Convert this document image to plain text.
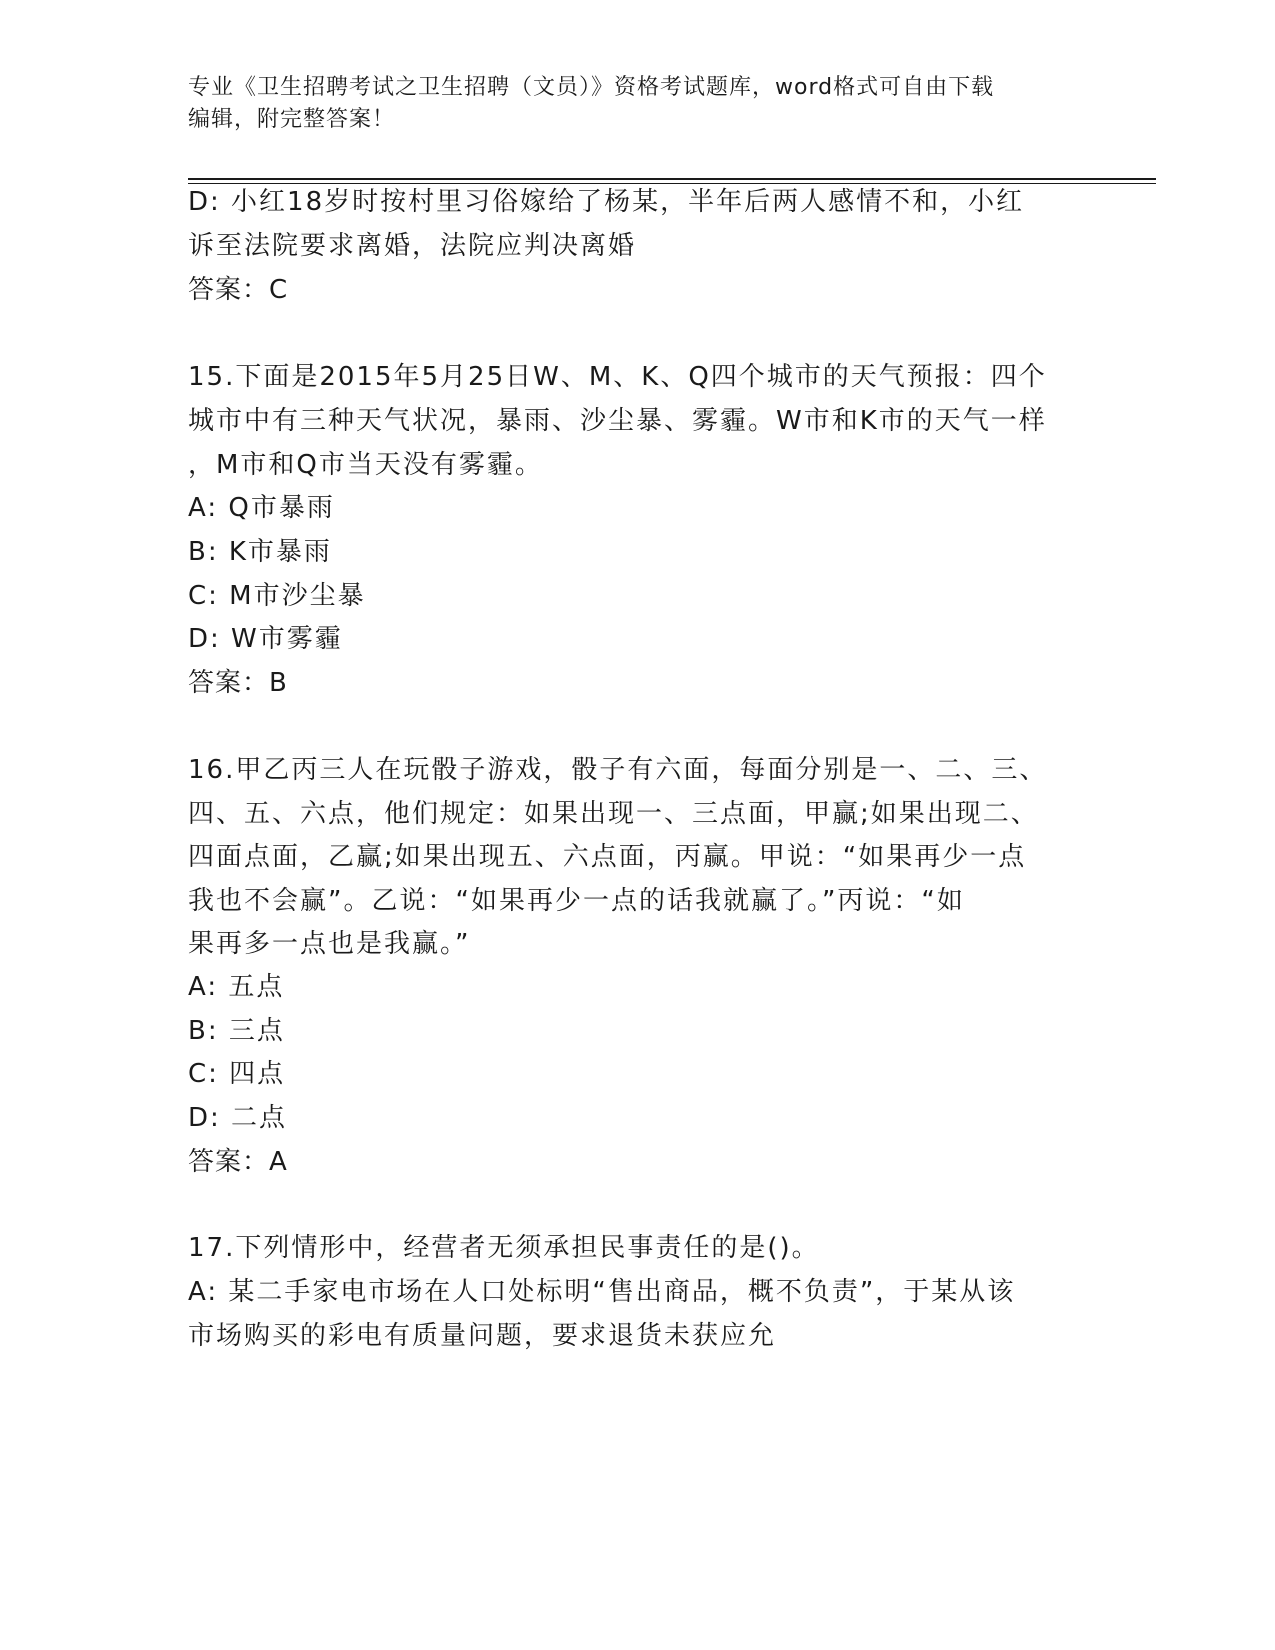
专业《卫生招聘考试之卫生招聘（文员）》资格考试题库，word格式可自由下载
编辑，附完整答案！
D: 小红18岁时按村里习俗嫁给了杨某，半年后两人感情不和，小红
诉至法院要求离婚，法院应判决离婚
答案：C
15.下面是2015年5月25日W、M、K、Q四个城市的天气预报：四个
城市中有三种天气状况，暴雨、沙尘暴、雾霾。W市和K市的天气一样
，M市和Q市当天没有雾霾。
A: Q市暴雨
B: K市暴雨
C: M市沙尘暴
D: W市雾霾
答案：B
16.甲乙丙三人在玩骰子游戏，骰子有六面，每面分别是一、二、三、
四、五、六点，他们规定：如果出现一、三点面，甲赢;如果出现二、
四面点面，乙赢;如果出现五、六点面，丙赢。甲说：“如果再少一点
我也不会赢”。乙说：“如果再少一点的话我就赢了。”丙说：“如
果再多一点也是我赢。”
A: 五点
B: 三点
C: 四点
D: 二点
答案：A
17.下列情形中，经营者无须承担民事责任的是()。
A: 某二手家电市场在人口处标明“售出商品，概不负责”，于某从该
市场购买的彩电有质量问题，要求退货未获应允
